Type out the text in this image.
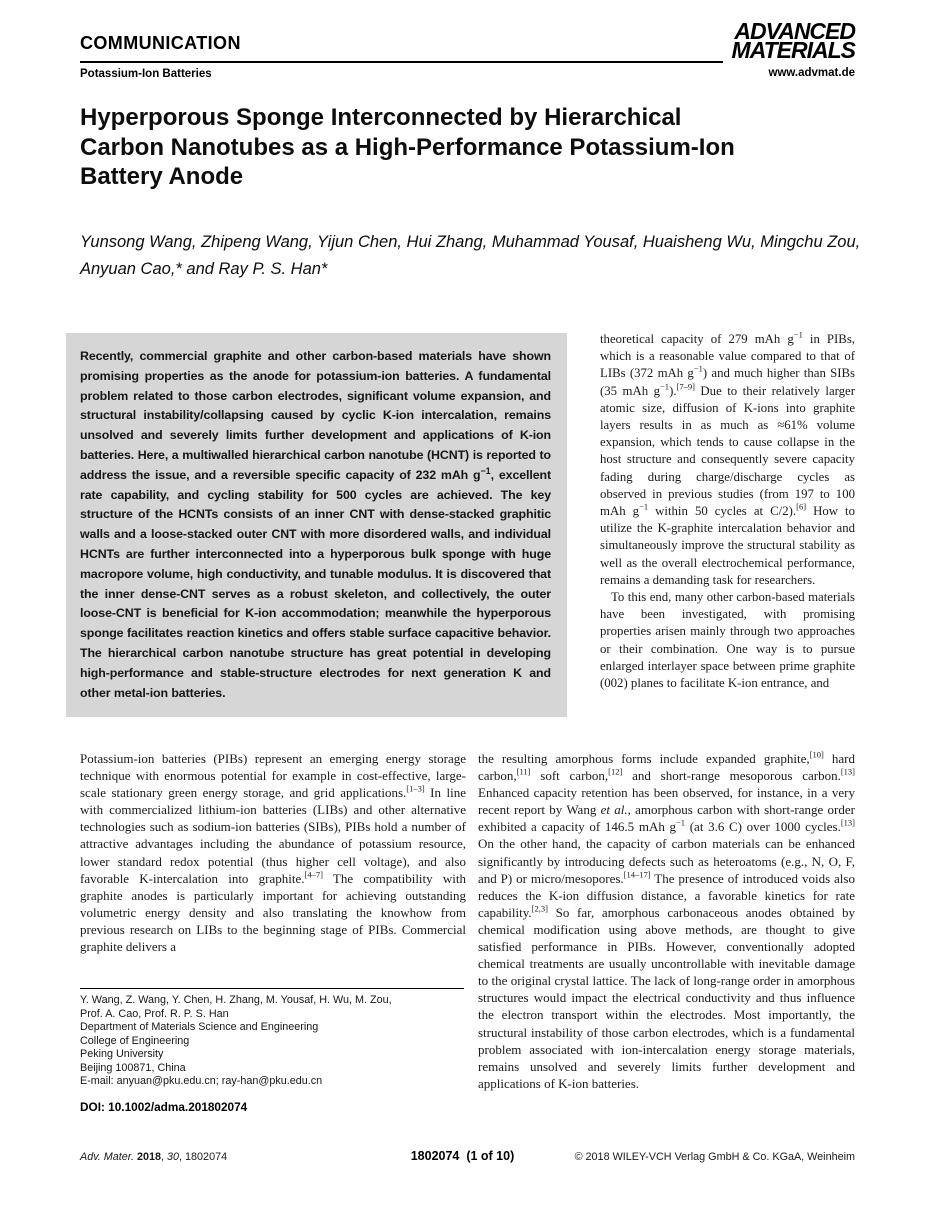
COMMUNICATION
Potassium-Ion Batteries
ADVANCED
MATERIALS
www.advmat.de
Hyperporous Sponge Interconnected by Hierarchical
Carbon Nanotubes as a High-Performance Potassium-Ion
Battery Anode
Yunsong Wang, Zhipeng Wang, Yijun Chen, Hui Zhang, Muhammad Yousaf, Huaisheng Wu, Mingchu Zou, Anyuan Cao,* and Ray P. S. Han*
Recently, commercial graphite and other carbon-based materials have shown promising properties as the anode for potassium-ion batteries. A fundamental problem related to those carbon electrodes, significant volume expansion, and structural instability/collapsing caused by cyclic K-ion intercalation, remains unsolved and severely limits further development and applications of K-ion batteries. Here, a multiwalled hierarchical carbon nanotube (HCNT) is reported to address the issue, and a reversible specific capacity of 232 mAh $g^{-1}$, excellent rate capability, and cycling stability for 500 cycles are achieved. The key structure of the HCNTs consists of an inner CNT with dense-stacked graphitic walls and a loose-stacked outer CNT with more disordered walls, and individual HCNTs are further interconnected into a hyperporous bulk sponge with huge macropore volume, high conductivity, and tunable modulus. It is discovered that the inner dense-CNT serves as a robust skeleton, and collectively, the outer loose-CNT is beneficial for K-ion accommodation; meanwhile the hyperporous sponge facilitates reaction kinetics and offers stable surface capacitive behavior. The hierarchical carbon nanotube structure has great potential in developing high-performance and stable-structure electrodes for next generation K and other metal-ion batteries.

theoretical capacity of 279 mAh $g^{-1}$ in PIBs, which is a reasonable value compared to that of LIBs (372 mAh $g^{-1}$) and much higher than SIBs (35 mAh $g^{-1}).[7-9]$ Due to their relatively larger atomic size, diffusion of K-ions into graphite layers results in as much as ≈61% volume expansion, which tends to cause collapse in the host structure and consequently severe capacity fading during charge/discharge cycles as observed in previous studies (from 197 to 100 mAh $g^{-1}$ within 50 cycles at C/2).[6] How to utilize the K-graphite intercalation behavior and simultaneously improve the structural stability as well as the overall electrochemical performance, remains a demanding task for researchers.

To this end, many other carbon-based materials have been investigated, with promising properties arisen mainly through two approaches or their combination. One way is to pursue enlarged interlayer space between prime graphite (002) planes to facilitate K-ion entrance, and

Potassium-ion batteries (PIBs) represent an emerging energy storage technique with enormous potential for example in cost-effective, large-scale stationary green energy storage, and grid applications.[1–3] In line with commercialized lithium-ion batteries (LIBs) and other alternative technologies such as sodium-ion batteries (SIBs), PIBs hold a number of attractive advantages including the abundance of potassium resource, lower standard redox potential (thus higher cell voltage), and also favorable K-intercalation into graphite.[4–7] The compatibility with graphite anodes is particularly important for achieving outstanding volumetric energy density and also translating the knowhow from previous research on LIBs to the beginning stage of PIBs. Commercial graphite delivers a
the resulting amorphous forms include expanded graphite,[10] hard carbon,[11] soft carbon,[12] and short-range mesoporous carbon.[13] Enhanced capacity retention has been observed, for instance, in a very recent report by Wang et al., amorphous carbon with short-range order exhibited a capacity of 146.5 mAh $g^{-1}$ (at 3.6 C) over 1000 cycles.[13] On the other hand, the capacity of carbon materials can be enhanced significantly by introducing defects such as heteroatoms (e.g., N, O, F, and P) or micro/mesopores.[14–17] The presence of introduced voids also reduces the K-ion diffusion distance, a favorable kinetics for rate capability.[2,3] So far, amorphous carbonaceous anodes obtained by chemical modification using above methods, are thought to give satisfied performance in PIBs. However, conventionally adopted chemical treatments are usually uncontrollable with inevitable damage to the original crystal lattice. The lack of long-range order in amorphous structures would impact the electrical conductivity and thus influence the electron transport within the electrodes. Most importantly, the structural instability of those carbon electrodes, which is a fundamental problem associated with ion-intercalation energy storage materials, remains unsolved and severely limits further development and applications of K-ion batteries.
Y. Wang, Z. Wang, Y. Chen, H. Zhang, M. Yousaf, H. Wu, M. Zou,
Prof. A. Cao, Prof. R. P. S. Han
Department of Materials Science and Engineering
College of Engineering
Peking University
Beijing 100871, China
E-mail: anyuan@pku.edu.cn; ray-han@pku.edu.cn
DOI: 10.1002/adma.201802074
1802074  (1 of 10)
Adv. Mater. 2018, 30, 1802074	© 2018 WILEY-VCH Verlag GmbH & Co. KGaA, Weinheim
